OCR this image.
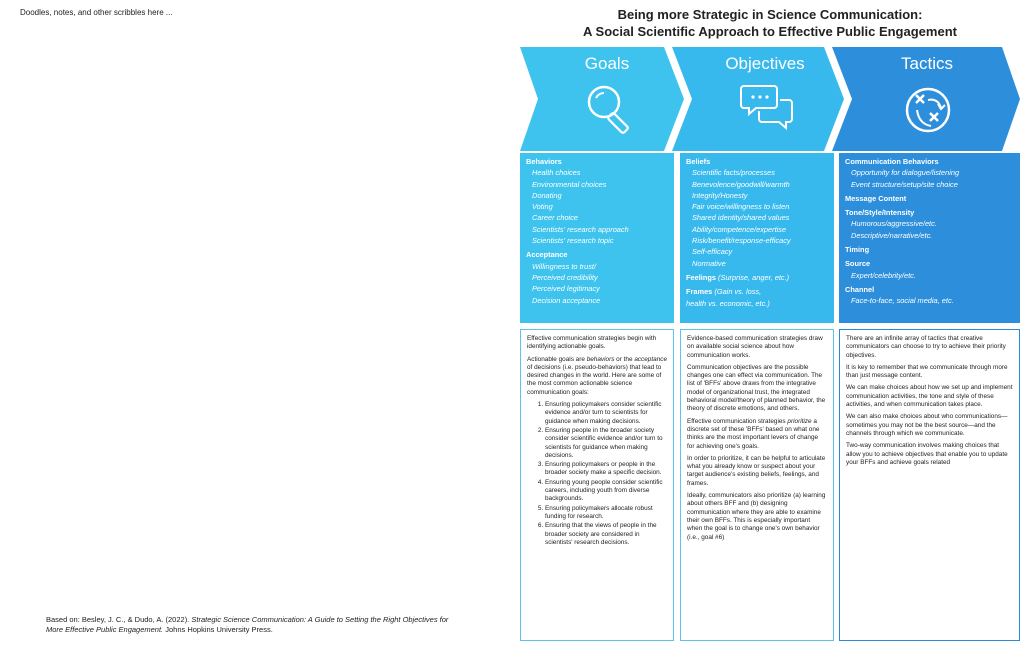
Doodles, notes, and other scribbles here ...	Being more Strategic in Science Communication:
A Social Scientific Approach to Effective Public Engagement
Goals	Objectives	Tactics
Behaviors
Health choices
Environmental choices
Donating
Voting
Career choice
Scientists' research approach
Scientists' research topic
Acceptance
Willingness to trust/
Perceived credibility
Perceived legitimacy
Decision acceptance
Beliefs
Scientific facts/processes
Benevolence/goodwill/warmth
Integrity/Honesty
Fair voice/willingness to listen
Shared identity/shared values
Ability/competence/expertise
Risk/benefit/response-efficacy
Self-efficacy
Normative
Feelings (Surprise, anger, etc.)
Frames (Gain vs. loss,
health vs. economic, etc.)
Communication Behaviors
Opportunity for dialogue/listening
Event structure/setup/site choice
Message Content
Tone/Style/Intensity
Humorous/aggressive/etc.
Descriptive/narrative/etc.
Timing
Source
Expert/celebrity/etc.
Channel
Face-to-face, social media, etc.

Effective communication strategies begin with identifying actionable goals.

Actionable goals are behaviors or the acceptance of decisions (i.e. pseudo-behaviors) that lead to desired changes in the world. Here are some of the most common actionable science communication goals:

1. Ensuring policymakers consider scientific evidence and/or turn to scientists for guidance when making decisions.
2. Ensuring people in the broader society consider scientific evidence and/or turn to scientists for guidance when making decisions.
3. Ensuring policymakers or people in the broader society make a specific decision.
4. Ensuring young people consider scientific careers, including youth from diverse backgrounds.
5. Ensuring policymakers allocate robust funding for research.
6. Ensuring that the views of people in the broader society are considered in scientists' research decisions.

Evidence-based communication strategies draw on available social science about how communication works.

Communication objectives are the possible changes one can effect via communication. The list of 'BFFs' above draws from the integrative model of organizational trust, the integrated behavioral model/theory of planned behavior, the theory of discrete emotions, and others.

Effective communication strategies prioritize a discrete set of these 'BFFs' based on what one thinks are the most important levers of change for achieving one's goals.

In order to prioritize, it can be helpful to articulate what you already know or suspect about your target audience's existing beliefs, feelings, and frames.

Ideally, communicators also prioritize (a) learning about others BFF and (b) designing communication where they are able to examine their own BFFs. This is especially important when the goal is to change one's own behavior (i.e., goal #6)

There are an infinite array of tactics that creative communicators can choose to try to achieve their priority objectives.

It is key to remember that we communicate through more than just message content.

We can make choices about how we set up and implement communication activities, the tone and style of these activities, and when communication takes place.

We can also make choices about who communications—sometimes you may not be the best source—and the channels through which we communicate.

Two-way communication involves making choices that allow you to achieve objectives that enable you to update your BFFs and achieve goals related

Based on: Besley, J. C., & Dudo, A. (2022). Strategic Science Communication: A Guide to Setting the Right Objectives for More Effective Public Engagement. Johns Hopkins University Press.
